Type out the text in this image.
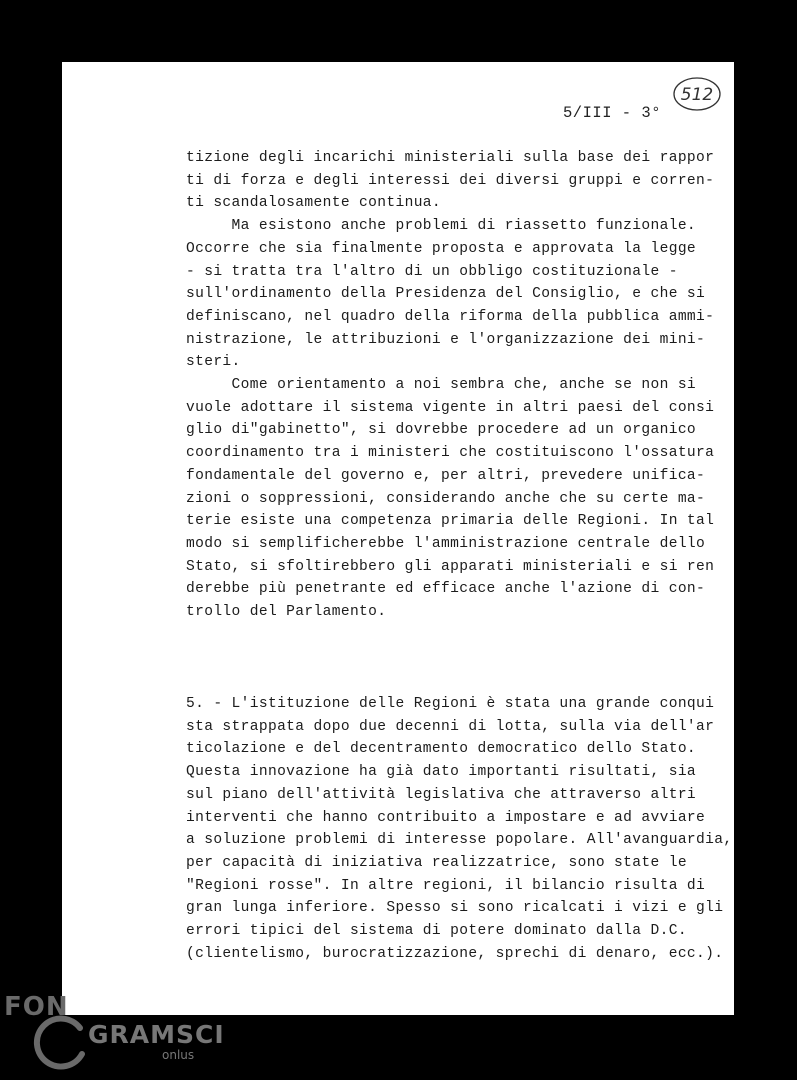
5/III - 3°
512
tizione degli incarichi ministeriali sulla base dei rappor
ti di forza e degli interessi dei diversi gruppi e corren-
ti scandalosamente continua.
Ma esistono anche problemi di riassetto funzionale.
Occorre che sia finalmente proposta e approvata la legge
- si tratta tra l'altro di un obbligo costituzionale -
sull'ordinamento della Presidenza del Consiglio, e che si
definiscano, nel quadro della riforma della pubblica ammi-
nistrazione, le attribuzioni e l'organizzazione dei mini-
steri.
Come orientamento a noi sembra che, anche se non si
vuole adottare il sistema vigente in altri paesi del consi
glio di"gabinetto", si dovrebbe procedere ad un organico
coordinamento tra i ministeri che costituiscono l'ossatura
fondamentale del governo e, per altri, prevedere unifica-
zioni o soppressioni, considerando anche che su certe ma-
terie esiste una competenza primaria delle Regioni. In tal
modo si semplificherebbe l'amministrazione centrale dello
Stato, si sfoltirebbero gli apparati ministeriali e si ren
derebbe più penetrante ed efficace anche l'azione di con-
trollo del Parlamento.
5. - L'istituzione delle Regioni è stata una grande conqui
sta strappata dopo due decenni di lotta, sulla via dell'ar
ticolazione e del decentramento democratico dello Stato.
Questa innovazione ha già dato importanti risultati, sia
sul piano dell'attività legislativa che attraverso altri
interventi che hanno contribuito a impostare e ad avviare
a soluzione problemi di interesse popolare. All'avanguardia,
per capacità di iniziativa realizzatrice, sono state le
"Regioni rosse". In altre regioni, il bilancio risulta di
gran lunga inferiore. Spesso si sono ricalcati i vizi e gli
errori tipici del sistema di potere dominato dalla D.C.
(clientelismo, burocratizzazione, sprechi di denaro, ecc.).
FON
GRAMSCI
onlus
